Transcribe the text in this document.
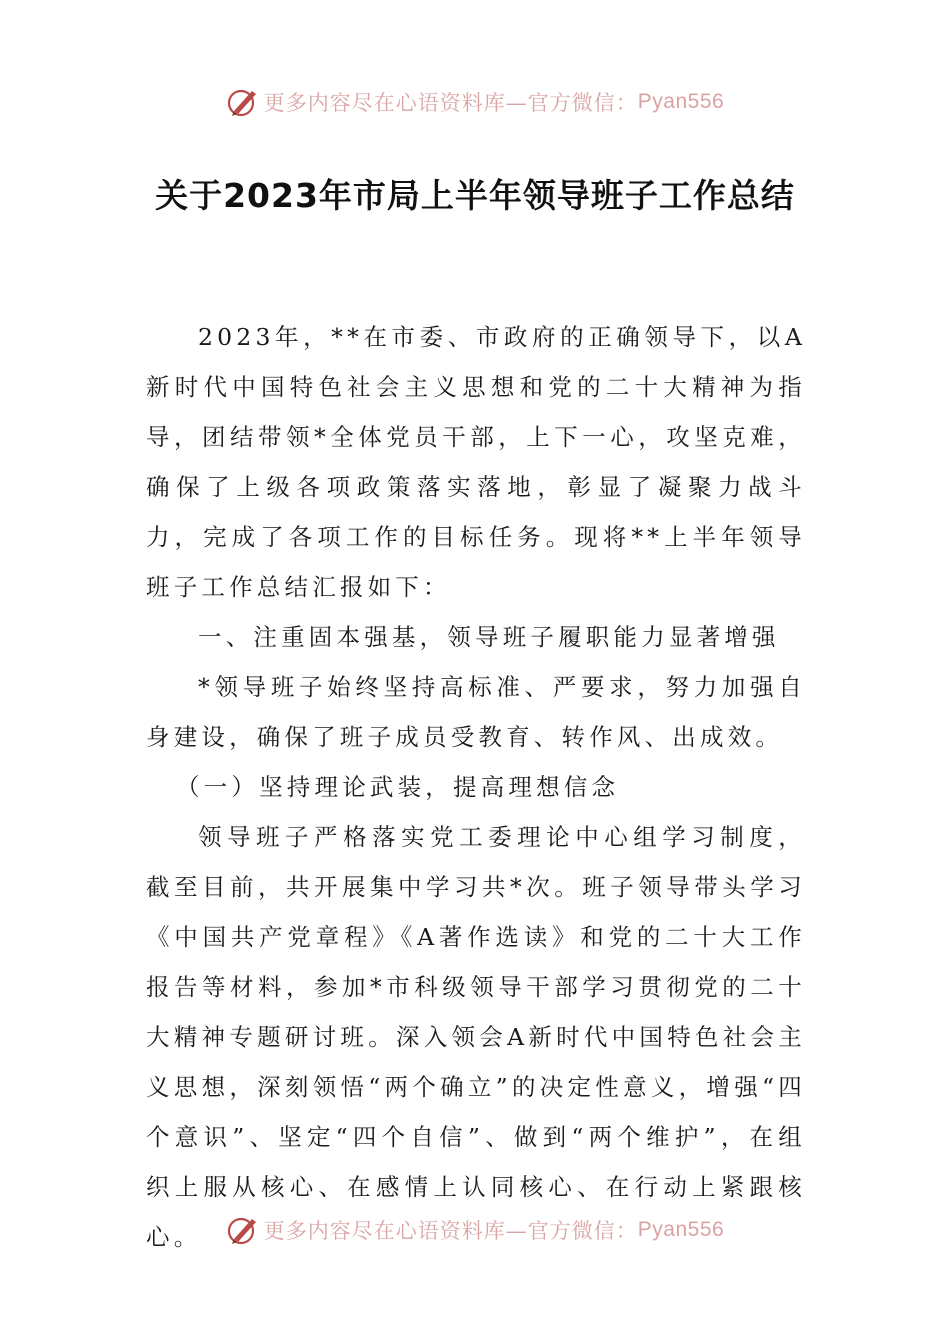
更多内容尽在心语资料库—官方微信： Pyan556
关于2023年市局上半年领导班子工作总结

2023年，**在市委、市政府的正确领导下，以A新时代中国特色社会主义思想和党的二十大精神为指导，团结带领*全体党员干部，上下一心，攻坚克难，确保了上级各项政策落实落地，彰显了凝聚力战斗力，完成了各项工作的目标任务。现将**上半年领导班子工作总结汇报如下：

一、注重固本强基，领导班子履职能力显著增强

*领导班子始终坚持高标准、严要求，努力加强自身建设，确保了班子成员受教育、转作风、出成效。

（一）坚持理论武装，提高理想信念

领导班子严格落实党工委理论中心组学习制度，截至目前，共开展集中学习共*次。班子领导带头学习《中国共产党章程》《A著作选读》和党的二十大工作报告等材料，参加*市科级领导干部学习贯彻党的二十大精神专题研讨班。深入领会A新时代中国特色社会主义思想，深刻领悟“两个确立”的决定性意义，增强“四个意识”、坚定“四个自信”、做到“两个维护”，在组织上服从核心、在感情上认同核心、在行动上紧跟核心。	更多内容尽在心语资料库—官方微信： Pyan556
